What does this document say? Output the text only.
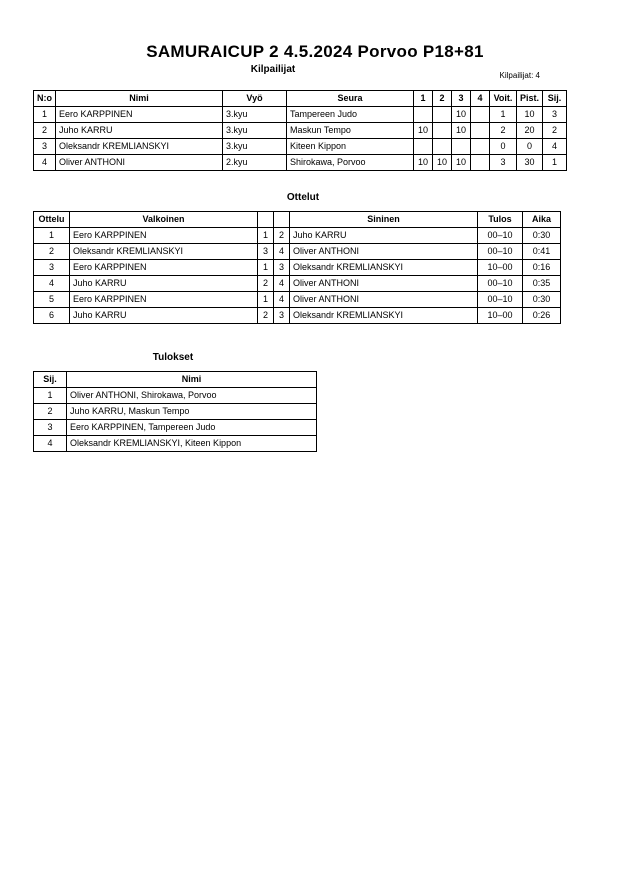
SAMURAICUP 2 4.5.2024 Porvoo P18+81
Kilpailijat
Kilpailijat: 4
N:o	Nimi	Vyö	Seura	1	2	3	4	Voit.	Pist.	Sij.
1	Eero KARPPINEN	3.kyu	Tampereen Judo			10		1	10	3
2	Juho KARRU	3.kyu	Maskun Tempo	10		10		2	20	2
3	Oleksandr KREMLIANSKYI	3.kyu	Kiteen Kippon					0	0	4
4	Oliver ANTHONI	2.kyu	Shirokawa, Porvoo	10	10	10		3	30	1
Ottelut
Ottelu	Valkoinen			Sininen	Tulos	Aika
1	Eero KARPPINEN	1	2	Juho KARRU	00–10	0:30
2	Oleksandr KREMLIANSKYI	3	4	Oliver ANTHONI	00–10	0:41
3	Eero KARPPINEN	1	3	Oleksandr KREMLIANSKYI	10–00	0:16
4	Juho KARRU	2	4	Oliver ANTHONI	00–10	0:35
5	Eero KARPPINEN	1	4	Oliver ANTHONI	00–10	0:30
6	Juho KARRU	2	3	Oleksandr KREMLIANSKYI	10–00	0:26
Tulokset
Sij.	Nimi
1	Oliver ANTHONI, Shirokawa, Porvoo
2	Juho KARRU, Maskun Tempo
3	Eero KARPPINEN, Tampereen Judo
4	Oleksandr KREMLIANSKYI, Kiteen Kippon
